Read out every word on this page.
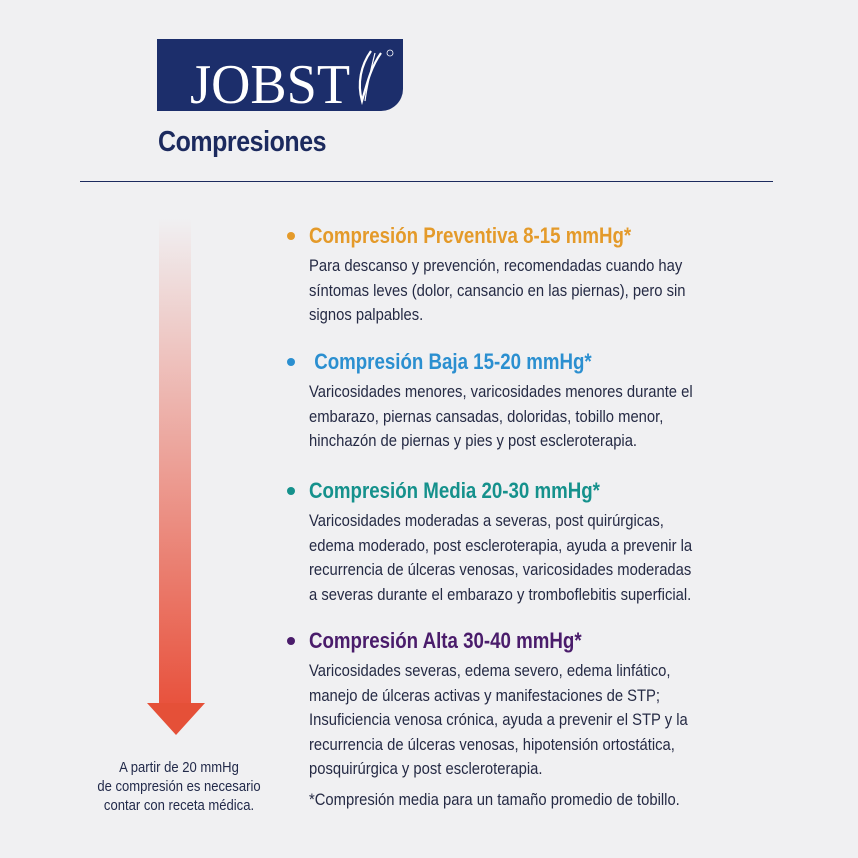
JOBST
Compresiones
A partir de 20 mmHg
de compresión es necesario
contar con receta médica.
Compresión Preventiva 8-15 mmHg*
Para descanso y prevención, recomendadas cuando hay
síntomas leves (dolor, cansancio en las piernas), pero sin
signos palpables.
Compresión Baja 15-20 mmHg*
Varicosidades menores, varicosidades menores durante el
embarazo, piernas cansadas, doloridas, tobillo menor,
hinchazón de piernas y pies y post escleroterapia.
Compresión Media 20-30 mmHg*
Varicosidades moderadas a severas, post quirúrgicas,
edema moderado, post escleroterapia, ayuda a prevenir la
recurrencia de úlceras venosas, varicosidades moderadas
a severas durante el embarazo y tromboflebitis superficial.
Compresión Alta 30-40 mmHg*
Varicosidades severas, edema severo, edema linfático,
manejo de úlceras activas y manifestaciones de STP;
Insuficiencia venosa crónica, ayuda a prevenir el STP y la
recurrencia de úlceras venosas, hipotensión ortostática,
posquirúrgica y post escleroterapia.
*Compresión media para un tamaño promedio de tobillo.
